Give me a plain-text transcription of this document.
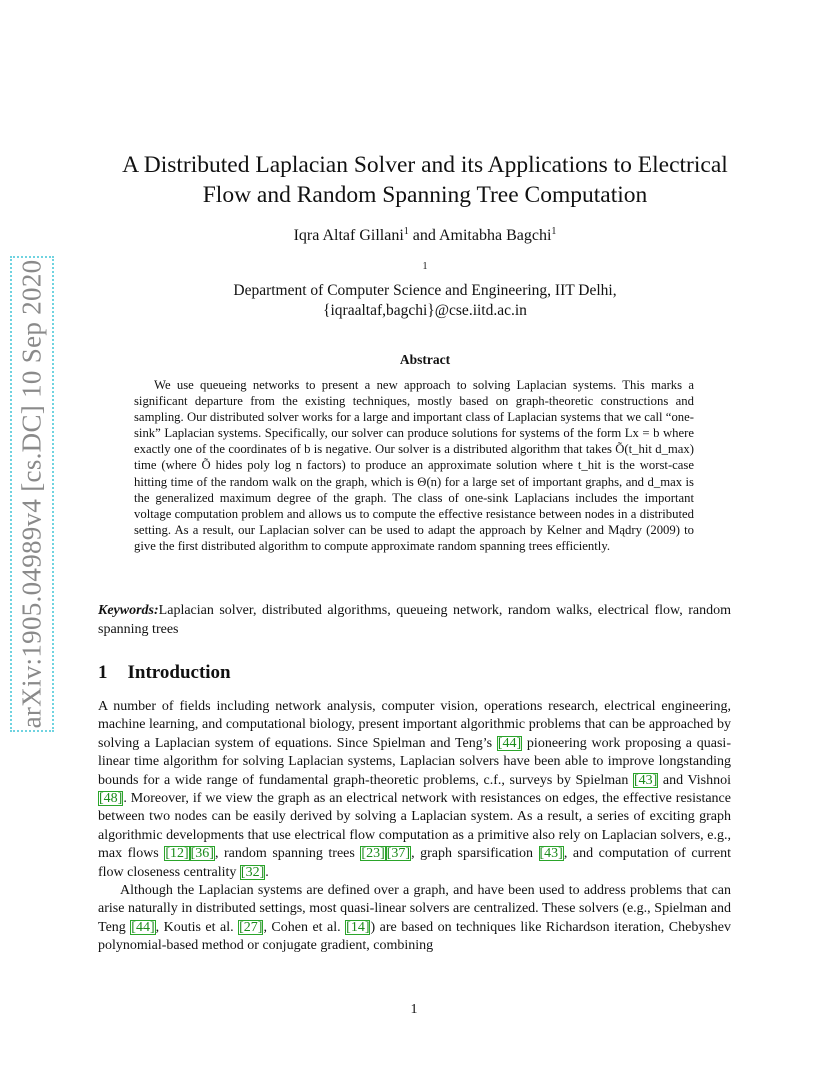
arXiv:1905.04989v4 [cs.DC] 10 Sep 2020
A Distributed Laplacian Solver and its Applications to Electrical
Flow and Random Spanning Tree Computation
Iqra Altaf Gillani$^1$ and Amitabha Bagchi$^1$
$^1$
Department of Computer Science and Engineering, IIT Delhi,
{iqraaltaf,bagchi}@cse.iitd.ac.in
Abstract

We use queueing networks to present a new approach to solving Laplacian systems. This marks a significant departure from the existing techniques, mostly based on graph-theoretic constructions and sampling. Our distributed solver works for a large and important class of Laplacian systems that we call “one-sink” Laplacian systems. Specifically, our solver can produce solutions for systems of the form Lx = b where exactly one of the coordinates of b is negative. Our solver is a distributed algorithm that takes Õ(t_hit d_max) time (where Õ hides poly log n factors) to produce an approximate solution where t_hit is the worst-case hitting time of the random walk on the graph, which is Θ(n) for a large set of important graphs, and d_max is the generalized maximum degree of the graph. The class of one-sink Laplacians includes the important voltage computation problem and allows us to compute the effective resistance between nodes in a distributed setting. As a result, our Laplacian solver can be used to adapt the approach by Kelner and Mądry (2009) to give the first distributed algorithm to compute approximate random spanning trees efficiently.

Keywords:Laplacian solver, distributed algorithms, queueing network, random walks, electrical flow, random spanning trees
1 Introduction

A number of fields including network analysis, computer vision, operations research, electrical engineering, machine learning, and computational biology, present important algorithmic problems that can be approached by solving a Laplacian system of equations. Since Spielman and Teng’s [44] pioneering work proposing a quasi-linear time algorithm for solving Laplacian systems, Laplacian solvers have been able to improve longstanding bounds for a wide range of fundamental graph-theoretic problems, c.f., surveys by Spielman [43] and Vishnoi [48]. Moreover, if we view the graph as an electrical network with resistances on edges, the effective resistance between two nodes can be easily derived by solving a Laplacian system. As a result, a series of exciting graph algorithmic developments that use electrical flow computation as a primitive also rely on Laplacian solvers, e.g., max flows [12] [36], random spanning trees [23] [37], graph sparsification [43], and computation of current flow closeness centrality [32].

Although the Laplacian systems are defined over a graph, and have been used to address problems that can arise naturally in distributed settings, most quasi-linear solvers are centralized. These solvers (e.g., Spielman and Teng [44], Koutis et al. [27], Cohen et al. [14]) are based on techniques like Richardson iteration, Chebyshev polynomial-based method or conjugate gradient, combining

1
